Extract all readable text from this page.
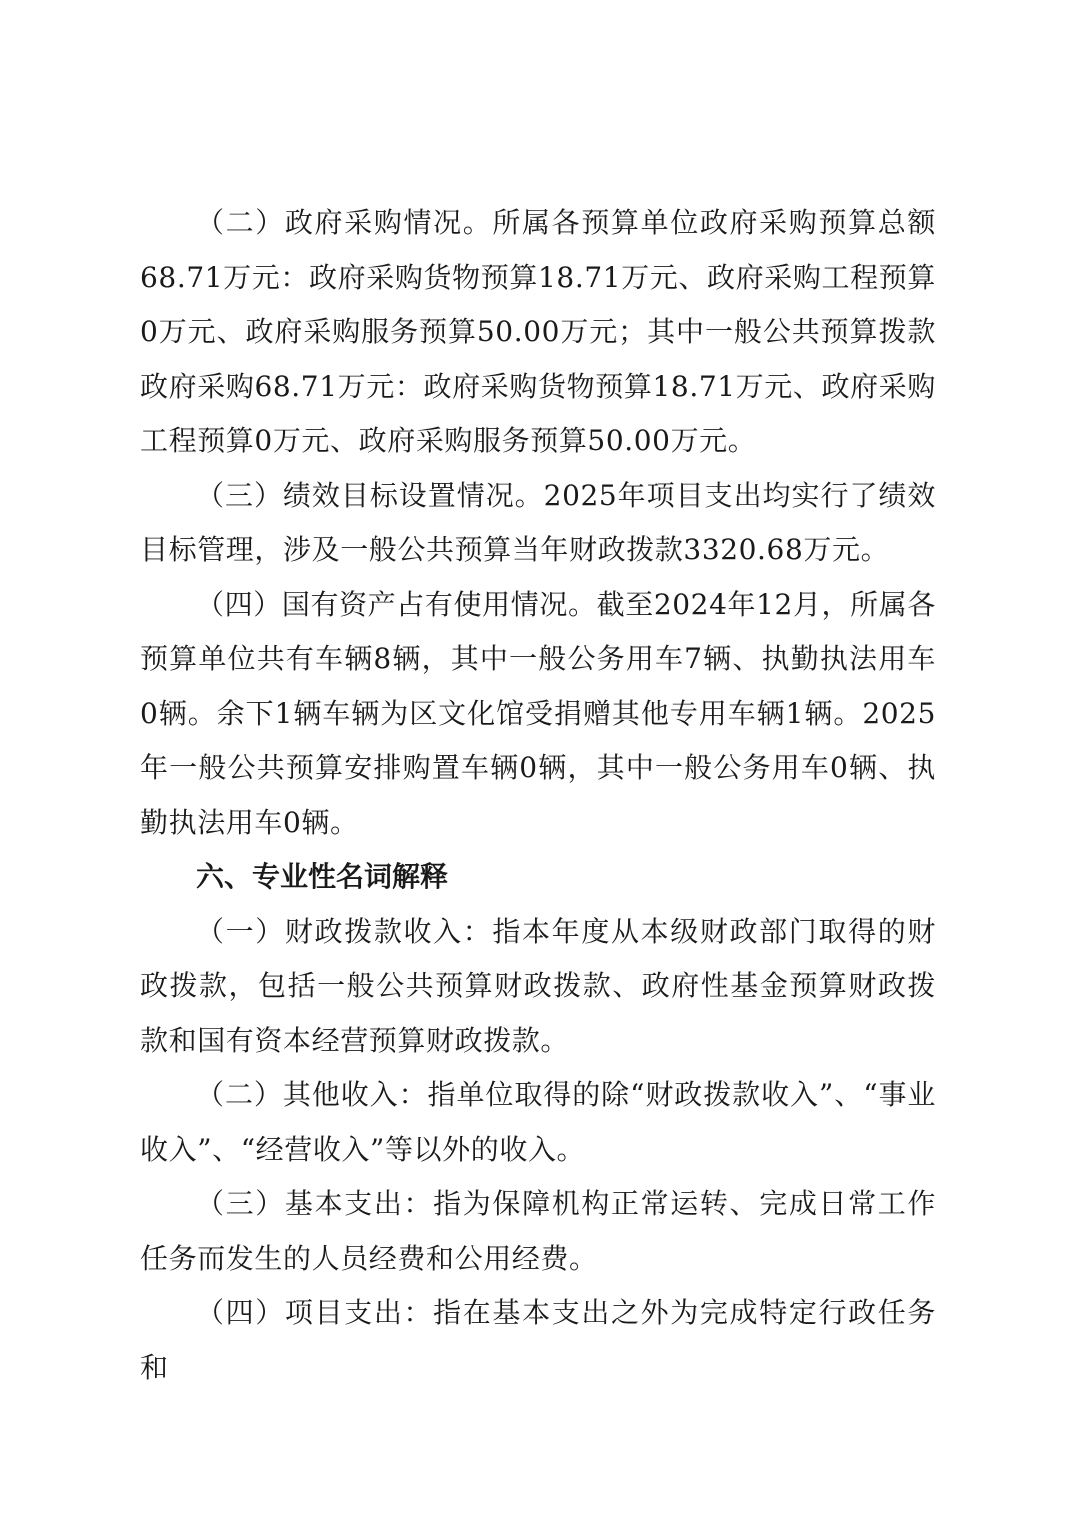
（二）政府采购情况。所属各预算单位政府采购预算总额68.71万元：政府采购货物预算18.71万元、政府采购工程预算0万元、政府采购服务预算50.00万元；其中一般公共预算拨款政府采购68.71万元：政府采购货物预算18.71万元、政府采购工程预算0万元、政府采购服务预算50.00万元。

（三）绩效目标设置情况。2025年项目支出均实行了绩效目标管理，涉及一般公共预算当年财政拨款3320.68万元。

（四）国有资产占有使用情况。截至2024年12月，所属各预算单位共有车辆8辆，其中一般公务用车7辆、执勤执法用车0辆。余下1辆车辆为区文化馆受捐赠其他专用车辆1辆。2025年一般公共预算安排购置车辆0辆，其中一般公务用车0辆、执勤执法用车0辆。

六、专业性名词解释

（一）财政拨款收入：指本年度从本级财政部门取得的财政拨款，包括一般公共预算财政拨款、政府性基金预算财政拨款和国有资本经营预算财政拨款。

（二）其他收入：指单位取得的除“财政拨款收入”、“事业收入”、“经营收入”等以外的收入。

（三）基本支出：指为保障机构正常运转、完成日常工作任务而发生的人员经费和公用经费。

（四）项目支出：指在基本支出之外为完成特定行政任务和
